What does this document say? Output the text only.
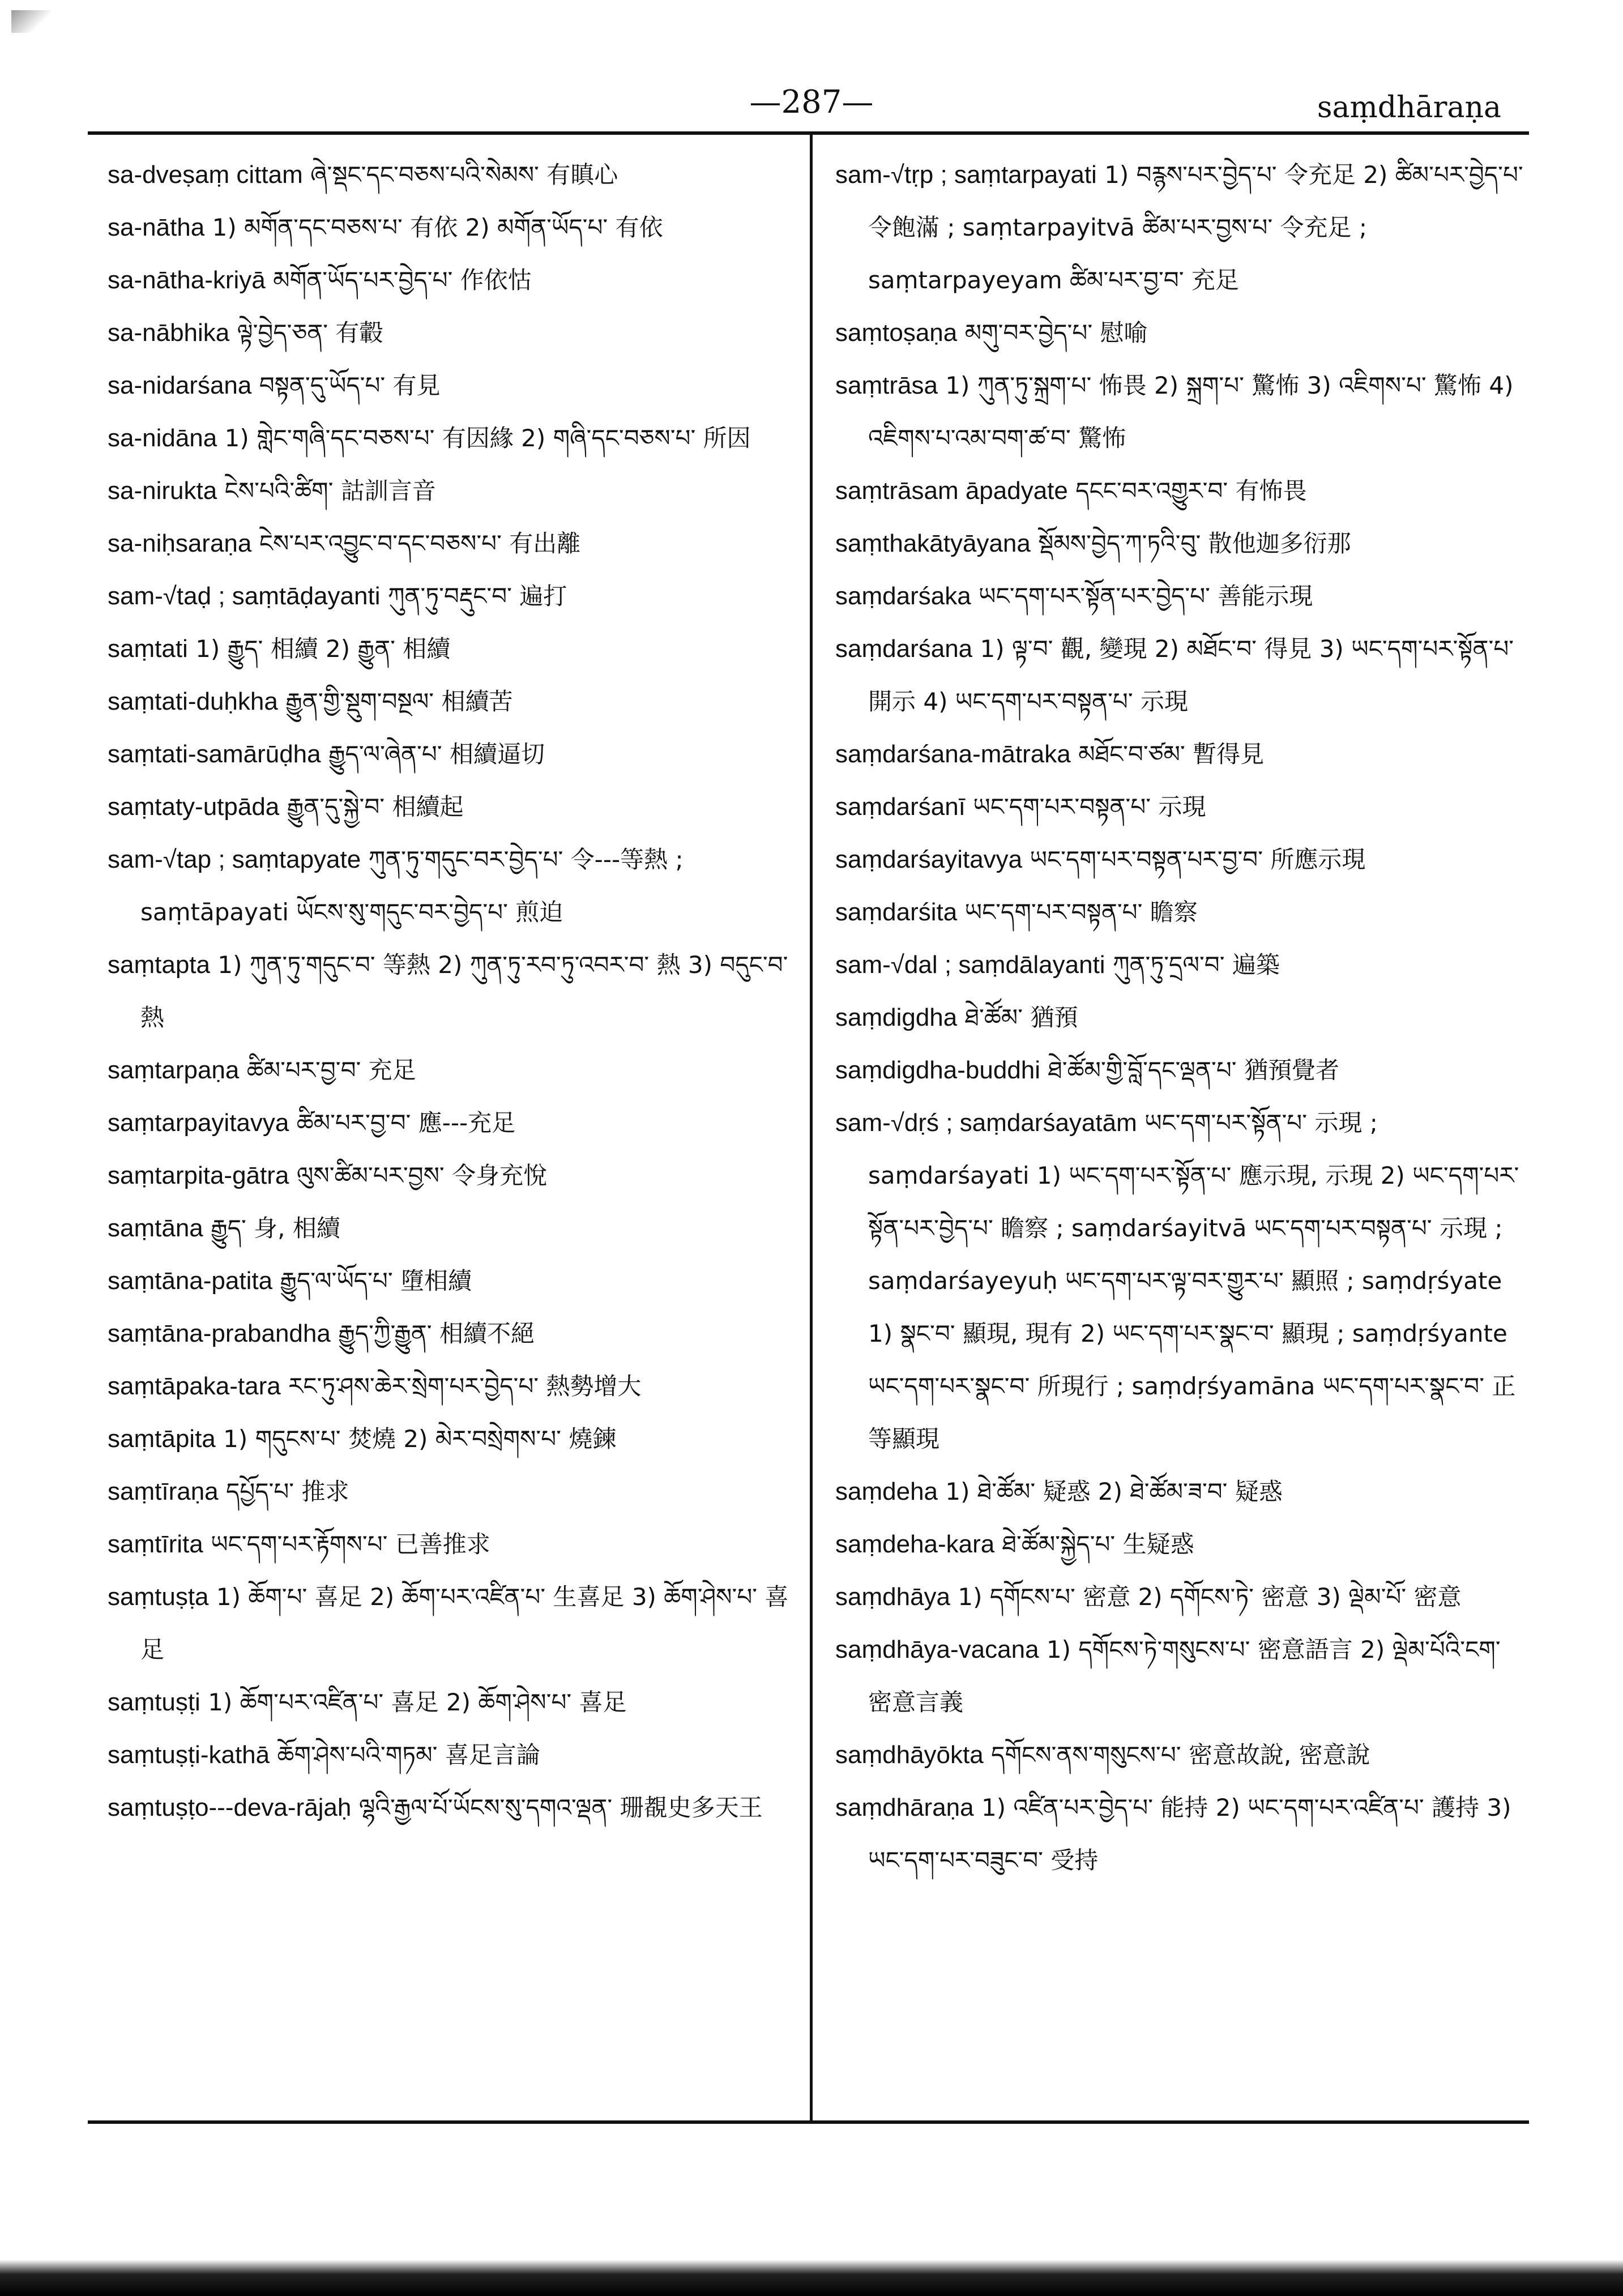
—287—	saṃdhāraṇa
sa-dveṣaṃ cittam ཞེ་སྡང་དང་བཅས་པའི་སེམས་ 有瞋心
sa-nātha 1) མགོན་དང་བཅས་པ་ 有依 2) མགོན་ཡོད་པ་ 有依
sa-nātha-kriyā མགོན་ཡོད་པར་བྱེད་པ་ 作依怙
sa-nābhika ལྟེ་བྱེད་ཅན་ 有轂
sa-nidarśana བསྟན་དུ་ཡོད་པ་ 有見
sa-nidāna 1) གླེང་གཞི་དང་བཅས་པ་ 有因緣 2) གཞི་དང་བཅས་པ་ 所因
sa-nirukta ངེས་པའི་ཚིག་ 詁訓言音
sa-niḥsaraṇa ངེས་པར་འབྱུང་བ་དང་བཅས་པ་ 有出離
sam-√taḍ ; saṃtāḍayanti ཀུན་ཏུ་བརྡུང་བ་ 遍打
saṃtati 1) རྒྱུད་ 相續 2) རྒྱུན་ 相續
saṃtati-duḥkha རྒྱུན་གྱི་སྡུག་བསྔལ་ 相續苦
saṃtati-samārūḍha རྒྱུད་ལ་ཞེན་པ་ 相續逼切
saṃtaty-utpāda རྒྱུན་དུ་སྐྱེ་བ་ 相續起
sam-√tap ; saṃtapyate ཀུན་ཏུ་གདུང་བར་བྱེད་པ་ 令---等熱 ; saṃtāpayati ཡོངས་སུ་གདུང་བར་བྱེད་པ་ 煎迫
saṃtapta 1) ཀུན་ཏུ་གདུང་བ་ 等熱 2) ཀུན་ཏུ་རབ་ཏུ་འབར་བ་ 熱 3) བདུང་བ་ 熱
saṃtarpaṇa ཚིམ་པར་བྱ་བ་ 充足
saṃtarpayitavya ཚིམ་པར་བྱ་བ་ 應---充足
saṃtarpita-gātra ལུས་ཚིམ་པར་བྱས་ 令身充悅
saṃtāna རྒྱུད་ 身, 相續
saṃtāna-patita རྒྱུད་ལ་ཡོད་པ་ 墮相續
saṃtāna-prabandha རྒྱུད་ཀྱི་རྒྱུན་ 相續不絕
saṃtāpaka-tara རང་ཏུ་ཤས་ཆེར་སྲེག་པར་བྱེད་པ་ 熱勢增大
saṃtāpita 1) གདུངས་པ་ 焚燒 2) མེར་བསྲེགས་པ་ 燒鍊
saṃtīraṇa དཔྱོད་པ་ 推求
saṃtīrita ཡང་དག་པར་རྟོགས་པ་ 已善推求
saṃtuṣṭa 1) ཆོག་པ་ 喜足 2) ཆོག་པར་འཛིན་པ་ 生喜足 3) ཆོག་ཤེས་པ་ 喜足
saṃtuṣṭi 1) ཆོག་པར་འཛིན་པ་ 喜足 2) ཆོག་ཤེས་པ་ 喜足
saṃtuṣṭi-kathā ཆོག་ཤེས་པའི་གཏམ་ 喜足言論
saṃtuṣṭo---deva-rājaḥ ལྷའི་རྒྱལ་པོ་ཡོངས་སུ་དགའ་ལྡན་ 珊覩史多天王
sam-√tṛp ; saṃtarpayati 1) བརྙས་པར་བྱེད་པ་ 令充足 2) ཚིམ་པར་བྱེད་པ་ 令飽滿 ; saṃtarpayitvā ཚིམ་པར་བྱས་པ་ 令充足 ; saṃtarpayeyam ཚིམ་པར་བྱ་བ་ 充足
saṃtoṣaṇa མགུ་བར་བྱེད་པ་ 慰喻
saṃtrāsa 1) ཀུན་ཏུ་སྐྲག་པ་ 怖畏 2) སྐྲག་པ་ 驚怖 3) འཇིགས་པ་ 驚怖 4) འཇིགས་པ་འམ་བག་ཚ་བ་ 驚怖
saṃtrāsam āpadyate དངང་བར་འགྱུར་བ་ 有怖畏
saṃthakātyāyana སྡོམས་བྱེད་ཀ་ཏའི་བུ་ 散他迦多衍那
saṃdarśaka ཡང་དག་པར་སྟོན་པར་བྱེད་པ་ 善能示現
saṃdarśana 1) ལྟ་བ་ 觀, 變現 2) མཐོང་བ་ 得見 3) ཡང་དག་པར་སྟོན་པ་ 開示 4) ཡང་དག་པར་བསྟན་པ་ 示現
saṃdarśana-mātraka མཐོང་བ་ཙམ་ 暫得見
saṃdarśanī ཡང་དག་པར་བསྟན་པ་ 示現
saṃdarśayitavya ཡང་དག་པར་བསྟན་པར་བྱ་བ་ 所應示現
saṃdarśita ཡང་དག་པར་བསྟན་པ་ 瞻察
sam-√dal ; saṃdālayanti ཀུན་ཏུ་དྲལ་བ་ 遍築
saṃdigdha ཐེ་ཚོམ་ 猶預
saṃdigdha-buddhi ཐེ་ཚོམ་གྱི་བློ་དང་ལྡན་པ་ 猶預覺者
sam-√dṛś ; saṃdarśayatām ཡང་དག་པར་སྟོན་པ་ 示現 ; saṃdarśayati 1) ཡང་དག་པར་སྟོན་པ་ 應示現, 示現 2) ཡང་དག་པར་སྟོན་པར་བྱེད་པ་ 瞻察 ; saṃdarśayitvā ཡང་དག་པར་བསྟན་པ་ 示現 ; saṃdarśayeyuḥ ཡང་དག་པར་ལྟ་བར་གྱུར་པ་ 顯照 ; saṃdṛśyate 1) སྣང་བ་ 顯現, 現有 2) ཡང་དག་པར་སྣང་བ་ 顯現 ; saṃdṛśyante ཡང་དག་པར་སྣང་བ་ 所現行 ; saṃdṛśyamāna ཡང་དག་པར་སྣང་བ་ 正等顯現
saṃdeha 1) ཐེ་ཚོམ་ 疑惑 2) ཐེ་ཚོམ་ཟ་བ་ 疑惑
saṃdeha-kara ཐེ་ཚོམ་སྐྱེད་པ་ 生疑惑
saṃdhāya 1) དགོངས་པ་ 密意 2) དགོངས་ཏེ་ 密意 3) ལྡེམ་པོ་ 密意
saṃdhāya-vacana 1) དགོངས་ཏེ་གསུངས་པ་ 密意語言 2) ལྡེམ་པོའི་ངག་ 密意言義
saṃdhāyōkta དགོངས་ནས་གསུངས་པ་ 密意故說, 密意說
saṃdhāraṇa 1) འཛིན་པར་བྱེད་པ་ 能持 2) ཡང་དག་པར་འཛིན་པ་ 護持 3) ཡང་དག་པར་བཟུང་བ་ 受持
